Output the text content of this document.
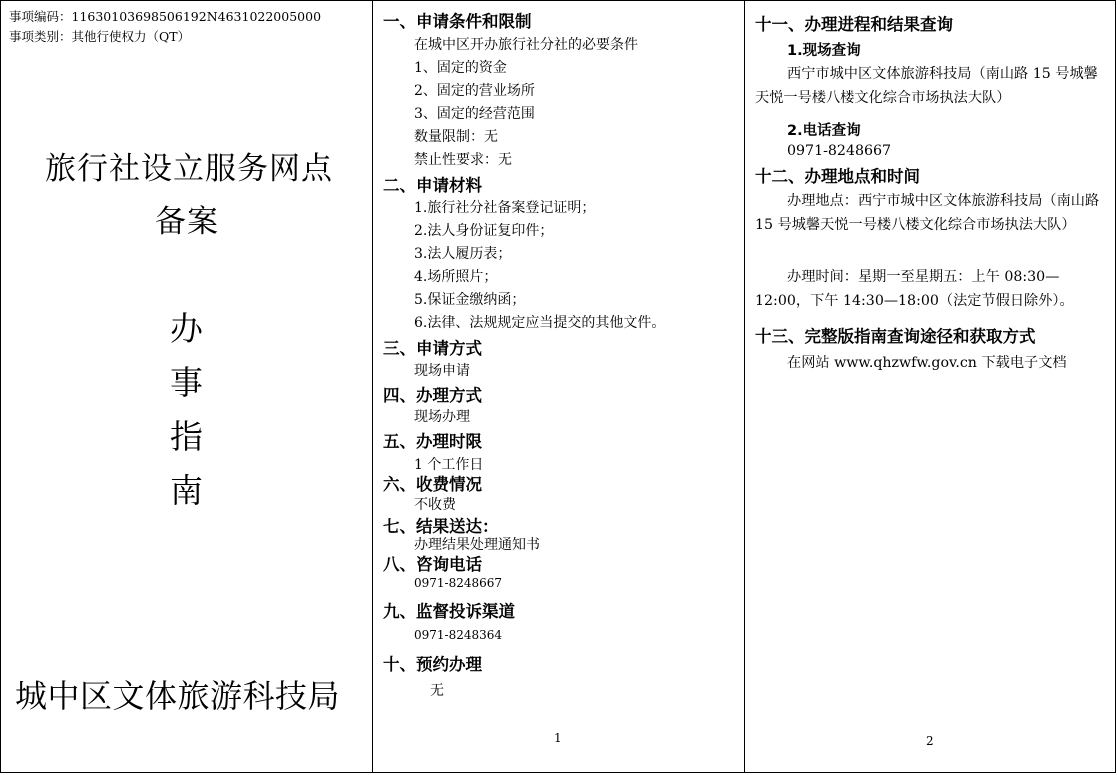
事项编码：11630103698506192N4631022005000
事项类别：其他行使权力（QT）
旅行社设立服务网点
备案
办
事
指
南
城中区文体旅游科技局
一、申请条件和限制
在城中区开办旅行社分社的必要条件
1、固定的资金
2、固定的营业场所
3、固定的经营范围
数量限制：无
禁止性要求：无
二、申请材料
1.旅行社分社备案登记证明；
2.法人身份证复印件；
3.法人履历表；
4.场所照片；
5.保证金缴纳函；
6.法律、法规规定应当提交的其他文件。
三、申请方式
现场申请
四、办理方式
现场办理
五、办理时限
1 个工作日
六、收费情况
不收费
七、结果送达：
办理结果处理通知书
八、咨询电话
0971-8248667
九、监督投诉渠道
0971-8248364
十、预约办理
无
1
十一、办理进程和结果查询
1.现场查询
西宁市城中区文体旅游科技局（南山路 15 号城馨天悦一号楼八楼文化综合市场执法大队）
2.电话查询
0971-8248667
十二、办理地点和时间
办理地点：西宁市城中区文体旅游科技局（南山路 15 号城馨天悦一号楼八楼文化综合市场执法大队）
办理时间：星期一至星期五：上午 08:30—12:00，下午 14:30—18:00（法定节假日除外）。
十三、完整版指南查询途径和获取方式
在网站 www.qhzwfw.gov.cn 下载电子文档
2
